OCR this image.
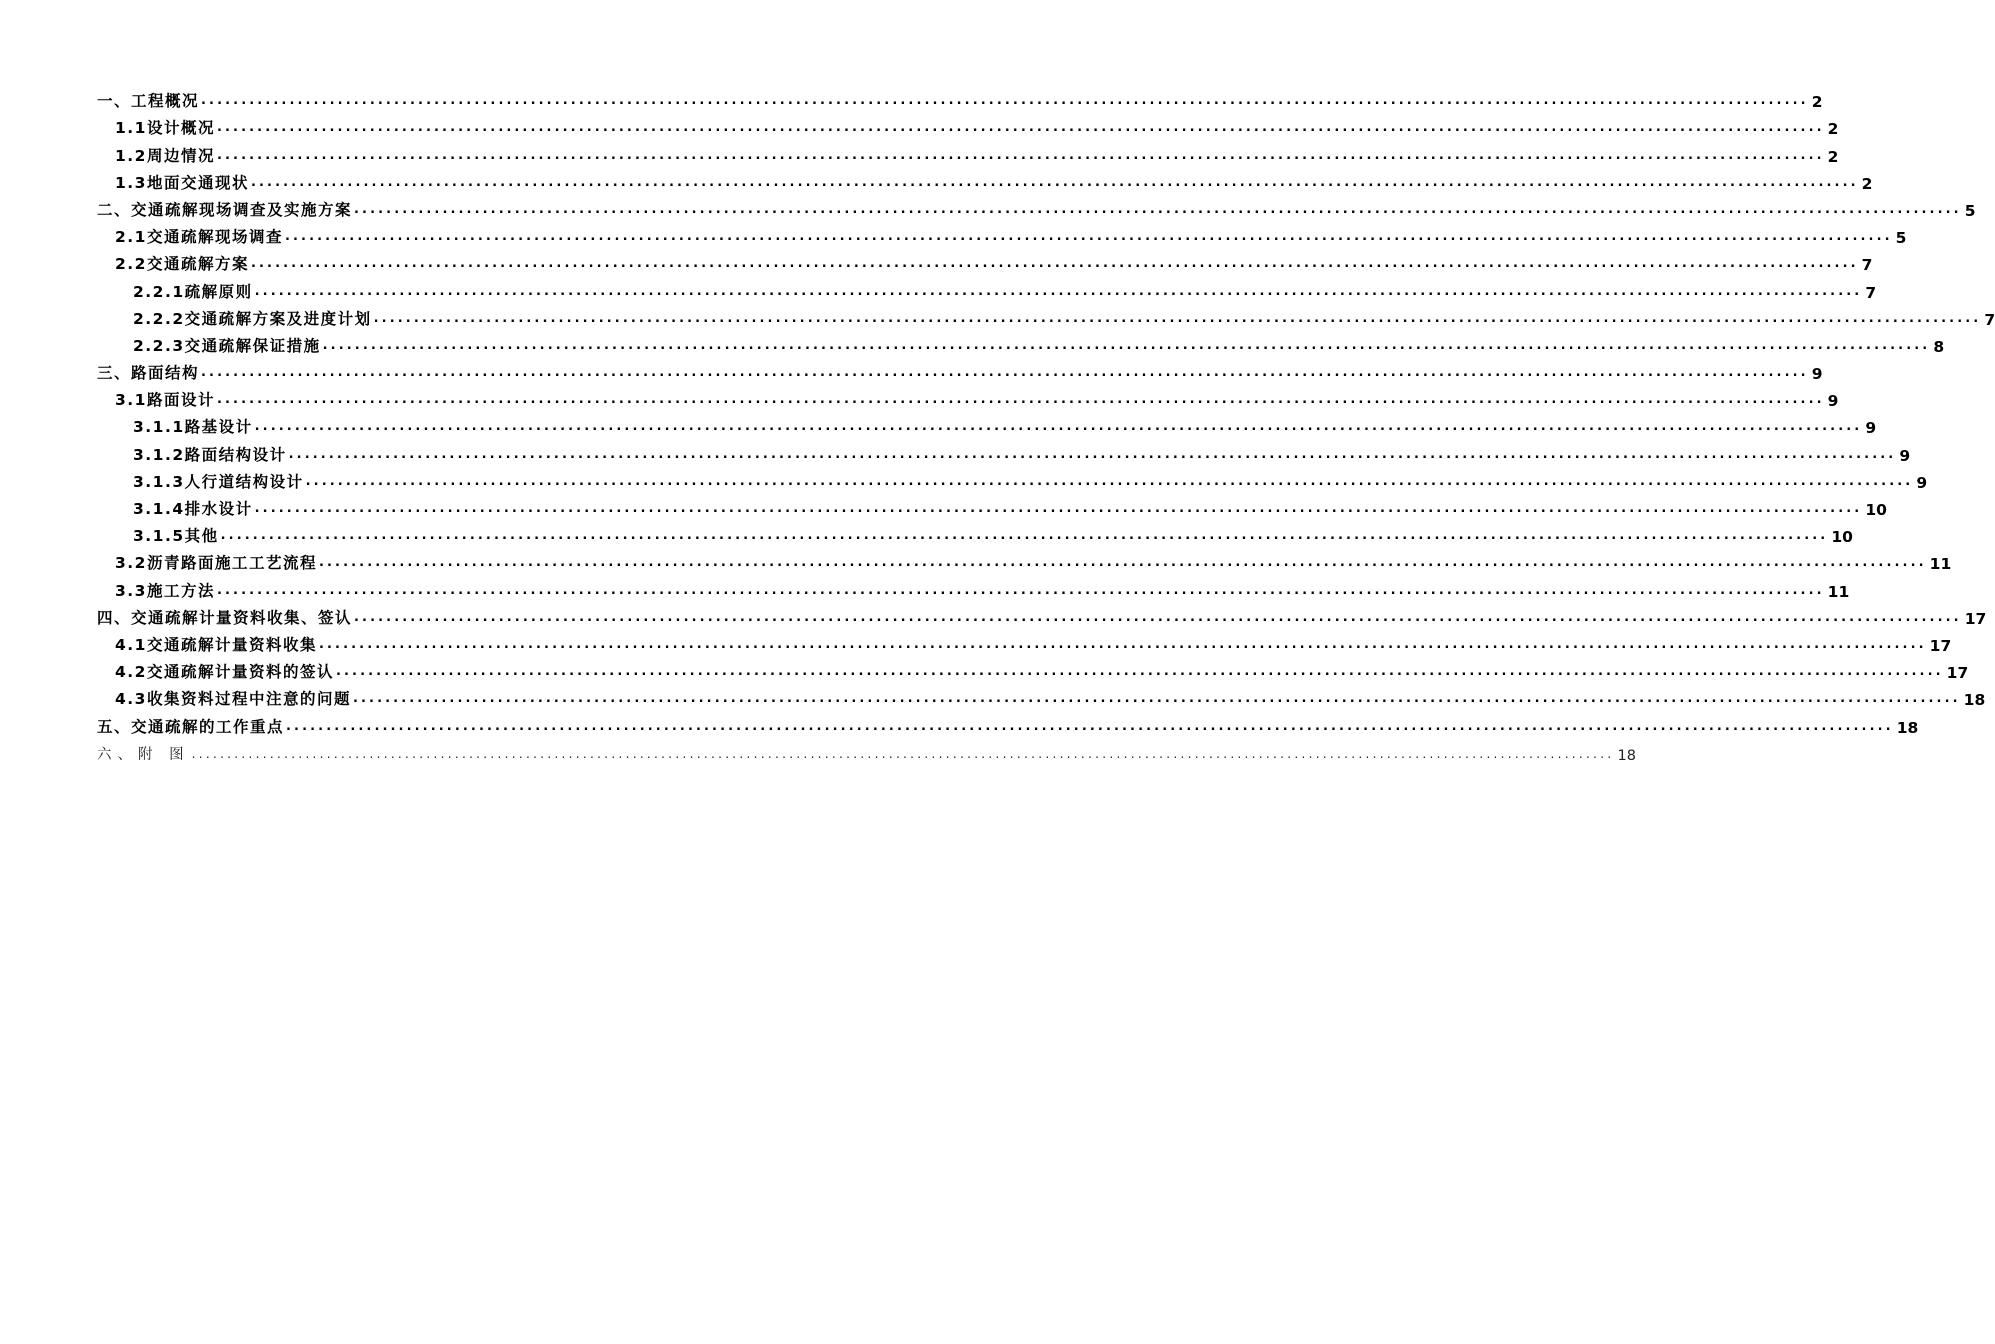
一、工程概况 ........................................................................................................................................................................................................ 2
1.1设计概况 ........................................................................................................................................................................................................ 2
1.2周边情况 ........................................................................................................................................................................................................ 2
1.3地面交通现状 ........................................................................................................................................................................................................ 2
二、交通疏解现场调查及实施方案 ........................................................................................................................................................................................................ 5
2.1交通疏解现场调查 ........................................................................................................................................................................................................ 5
2.2交通疏解方案 ........................................................................................................................................................................................................ 7
2.2.1疏解原则 ........................................................................................................................................................................................................ 7
2.2.2交通疏解方案及进度计划 ........................................................................................................................................................................................................ 7
2.2.3交通疏解保证措施 ........................................................................................................................................................................................................ 8
三、路面结构 ........................................................................................................................................................................................................ 9
3.1路面设计 ........................................................................................................................................................................................................ 9
3.1.1路基设计 ........................................................................................................................................................................................................ 9
3.1.2路面结构设计 ........................................................................................................................................................................................................ 9
3.1.3人行道结构设计 ........................................................................................................................................................................................................ 9
3.1.4排水设计 ........................................................................................................................................................................................................ 10
3.1.5其他 ........................................................................................................................................................................................................ 10
3.2沥青路面施工工艺流程 ........................................................................................................................................................................................................ 11
3.3施工方法 ........................................................................................................................................................................................................ 11
四、交通疏解计量资料收集、签认 ........................................................................................................................................................................................................ 17
4.1交通疏解计量资料收集 ........................................................................................................................................................................................................ 17
4.2交通疏解计量资料的签认 ........................................................................................................................................................................................................ 17
4.3收集资料过程中注意的问题 ........................................................................................................................................................................................................ 18
五、交通疏解的工作重点 ........................................................................................................................................................................................................ 18
六、附 图 ........................................................................................................................................................................................................ 18
